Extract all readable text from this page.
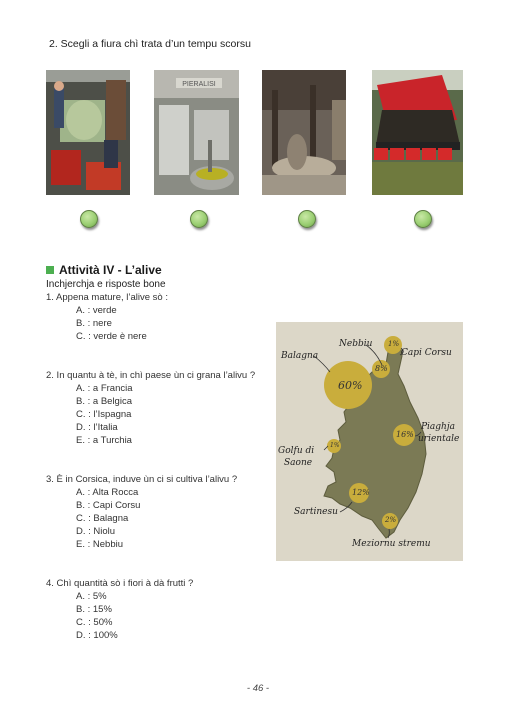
2. Scegli a fiura chì trata d’un tempu scorsu
PIERALISI
Attività IV - L’alive
Inchjerchja e risposte bone
1. Appena mature, l’alive sò :
A. : verde
B. : nere
C. : verde è nere
2. In quantu à tè, in chì paese ùn ci grana l’alivu ?
A. : a Francia
B. : a Belgica
C. : l’Ispagna
D. : l’Italia
E. : a Turchia
3. È in Corsica, induve ùn ci si cultiva l’alivu ?
A. : Alta Rocca
B. : Capi Corsu
C. : Balagna
D. : Niolu
E. : Nebbiu
4. Chì quantità sò i fiori à dà frutti ?
A. : 5%
B. : 15%
C. : 50%
D. : 100%
Nebbiu
Capi Corsu
Balagna
Piaghja
urientale
Golfu di
Saone
Sartinesu
Meziornu stremu
1%
8%
60%
16%
1%
12%
2%
- 46 -
